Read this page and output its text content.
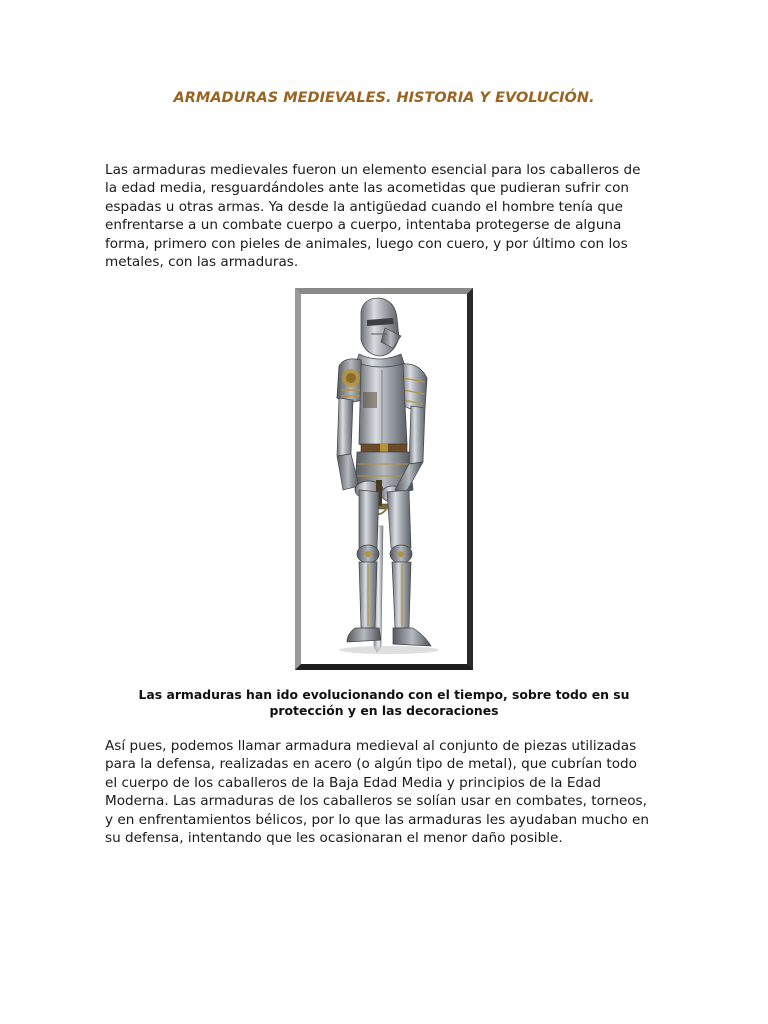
ARMADURAS MEDIEVALES. HISTORIA Y EVOLUCIÓN.

Las armaduras medievales fueron un elemento esencial para los caballeros de la edad media, resguardándoles ante las acometidas que pudieran sufrir con espadas u otras armas. Ya desde la antigüedad cuando el hombre tenía que enfrentarse a un combate cuerpo a cuerpo, intentaba protegerse de alguna forma, primero con pieles de animales, luego con cuero, y por último con los metales, con las armaduras.

Las armaduras han ido evolucionando con el tiempo, sobre todo en su protección y en las decoraciones

Así pues, podemos llamar armadura medieval al conjunto de piezas utilizadas para la defensa, realizadas en acero (o algún tipo de metal), que cubrían todo el cuerpo de los caballeros de la Baja Edad Media y principios de la Edad Moderna. Las armaduras de los caballeros se solían usar en combates, torneos, y en enfrentamientos bélicos, por lo que las armaduras les ayudaban mucho en su defensa, intentando que les ocasionaran el menor daño posible.
